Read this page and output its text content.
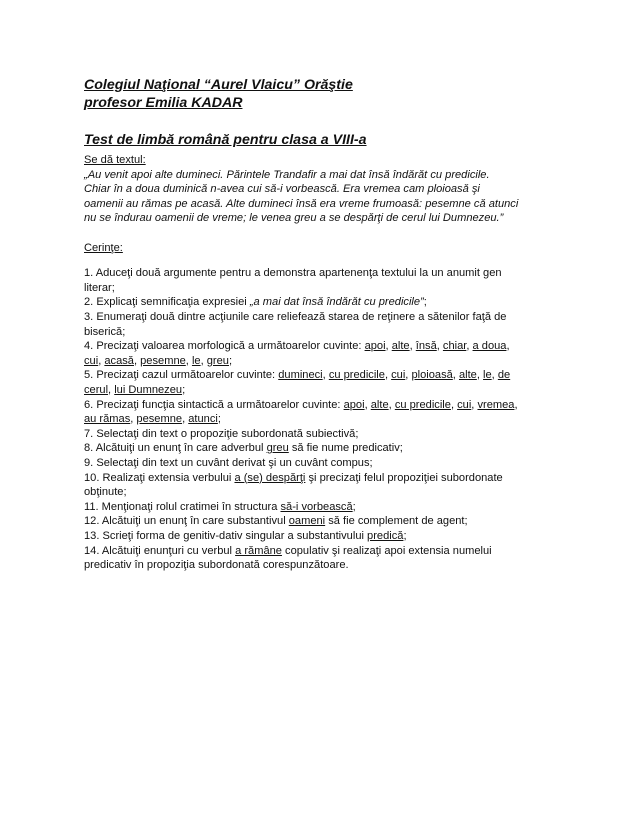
Colegiul Naţional “Aurel Vlaicu” Orăştie

profesor Emilia KADAR

Test de limbă română pentru clasa a VIII-a

Se dă textul:

„Au venit apoi alte dumineci. Părintele Trandafir a mai dat însă îndărăt cu predicile.

Chiar în a doua duminică n-avea cui să-i vorbească. Era vremea cam ploioasă şi

oamenii au rămas pe acasă. Alte dumineci însă era vreme frumoasă: pesemne că atunci

nu se îndurau oamenii de vreme; le venea greu a se despărţi de cerul lui Dumnezeu.”

Cerinţe:

1. Aduceţi două argumente pentru a demonstra apartenenţa textului la un anumit gen

literar;

2. Explicaţi semnificaţia expresiei „a mai dat însă îndărăt cu predicile”;

3. Enumeraţi două dintre acţiunile care reliefează starea de reţinere a sătenilor faţă de

biserică;

4. Precizaţi valoarea morfologică a următoarelor cuvinte: apoi, alte, însă, chiar, a doua,

cui, acasă, pesemne, le, greu;

5. Precizaţi cazul următoarelor cuvinte: dumineci, cu predicile, cui, ploioasă, alte, le, de

cerul, lui Dumnezeu;

6. Precizaţi funcţia sintactică a următoarelor cuvinte: apoi, alte, cu predicile, cui, vremea,

au rămas, pesemne, atunci;

7. Selectaţi din text o propoziţie subordonată subiectivă;

8. Alcătuiţi un enunţ în care adverbul greu să fie nume predicativ;

9. Selectaţi din text un cuvânt derivat şi un cuvânt compus;

10. Realizaţi extensia verbului a (se) despărţi şi precizaţi felul propoziţiei subordonate

obţinute;

11. Menţionaţi rolul cratimei în structura să-i vorbească;

12. Alcătuiţi un enunţ în care substantivul oameni să fie complement de agent;

13. Scrieţi forma de genitiv-dativ singular a substantivului predică;

14. Alcătuiţi enunţuri cu verbul a rămâne copulativ şi realizaţi apoi extensia numelui

predicativ în propoziţia subordonată corespunzătoare.
